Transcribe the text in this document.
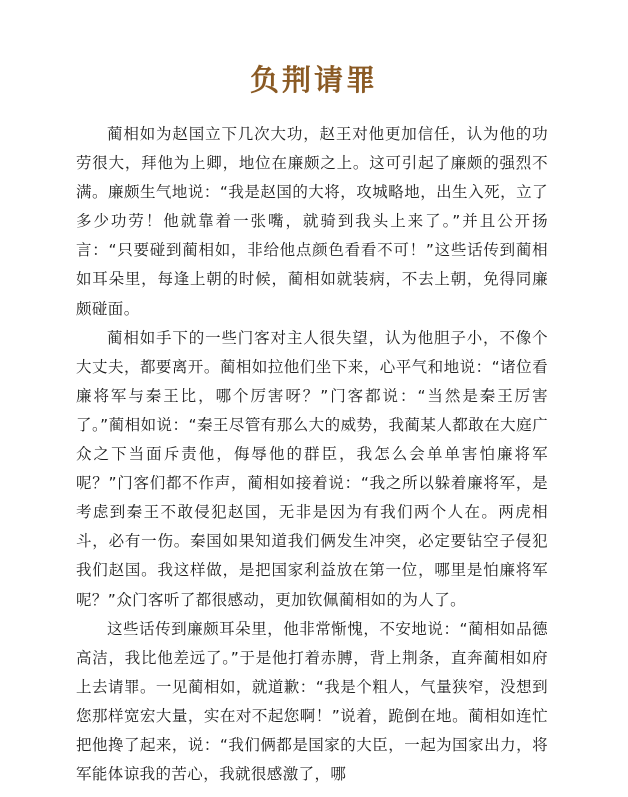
负荆请罪

蔺相如为赵国立下几次大功，赵王对他更加信任，认为他的功劳很大，拜他为上卿，地位在廉颇之上。这可引起了廉颇的强烈不满。廉颇生气地说：“我是赵国的大将，攻城略地，出生入死，立了多少功劳！他就靠着一张嘴，就骑到我头上来了。”并且公开扬言：“只要碰到蔺相如，非给他点颜色看看不可！”这些话传到蔺相如耳朵里，每逢上朝的时候，蔺相如就装病，不去上朝，免得同廉颇碰面。

蔺相如手下的一些门客对主人很失望，认为他胆子小，不像个大丈夫，都要离开。蔺相如拉他们坐下来，心平气和地说：“诸位看廉将军与秦王比，哪个厉害呀？”门客都说：“当然是秦王厉害了。”蔺相如说：“秦王尽管有那么大的威势，我蔺某人都敢在大庭广众之下当面斥责他，侮辱他的群臣，我怎么会单单害怕廉将军呢？”门客们都不作声，蔺相如接着说：“我之所以躲着廉将军，是考虑到秦王不敢侵犯赵国，无非是因为有我们两个人在。两虎相斗，必有一伤。秦国如果知道我们俩发生冲突，必定要钻空子侵犯我们赵国。我这样做，是把国家利益放在第一位，哪里是怕廉将军呢？”众门客听了都很感动，更加钦佩蔺相如的为人了。

这些话传到廉颇耳朵里，他非常惭愧，不安地说：“蔺相如品德高洁，我比他差远了。”于是他打着赤膊，背上荆条，直奔蔺相如府上去请罪。一见蔺相如，就道歉：“我是个粗人，气量狭窄，没想到您那样宽宏大量，实在对不起您啊！”说着，跪倒在地。蔺相如连忙把他搀了起来，说：“我们俩都是国家的大臣，一起为国家出力，将军能体谅我的苦心，我就很感激了，哪
